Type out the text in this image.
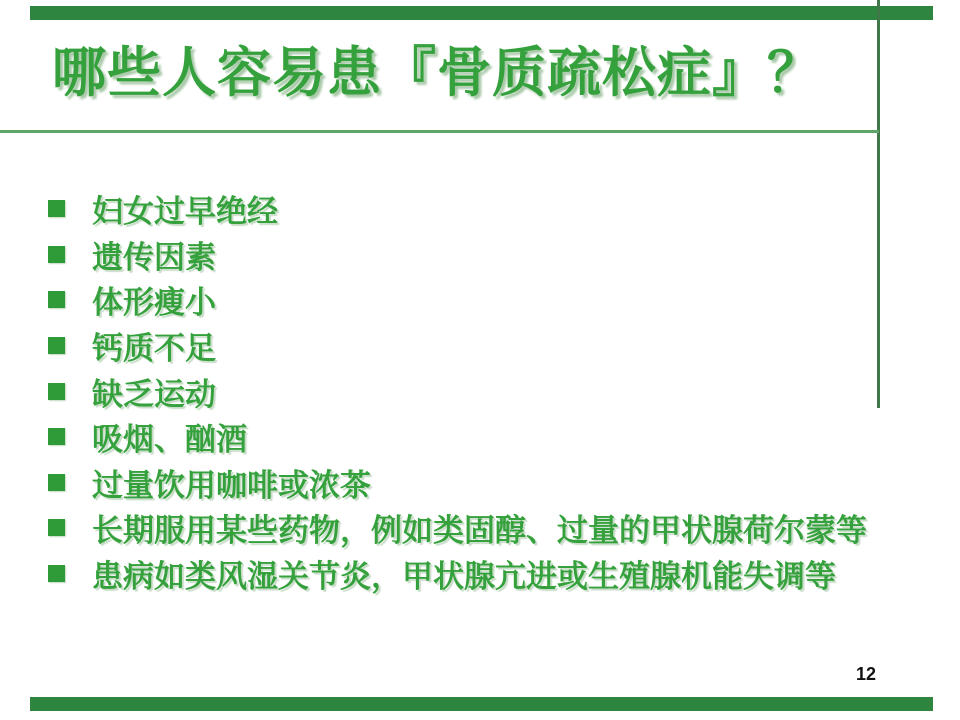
哪些人容易患『骨质疏松症』？
妇女过早绝经
遗传因素
体形瘦小
钙质不足
缺乏运动
吸烟、酗酒
过量饮用咖啡或浓茶
长期服用某些药物，例如类固醇、过量的甲状腺荷尔蒙等
患病如类风湿关节炎，甲状腺亢进或生殖腺机能失调等
12
